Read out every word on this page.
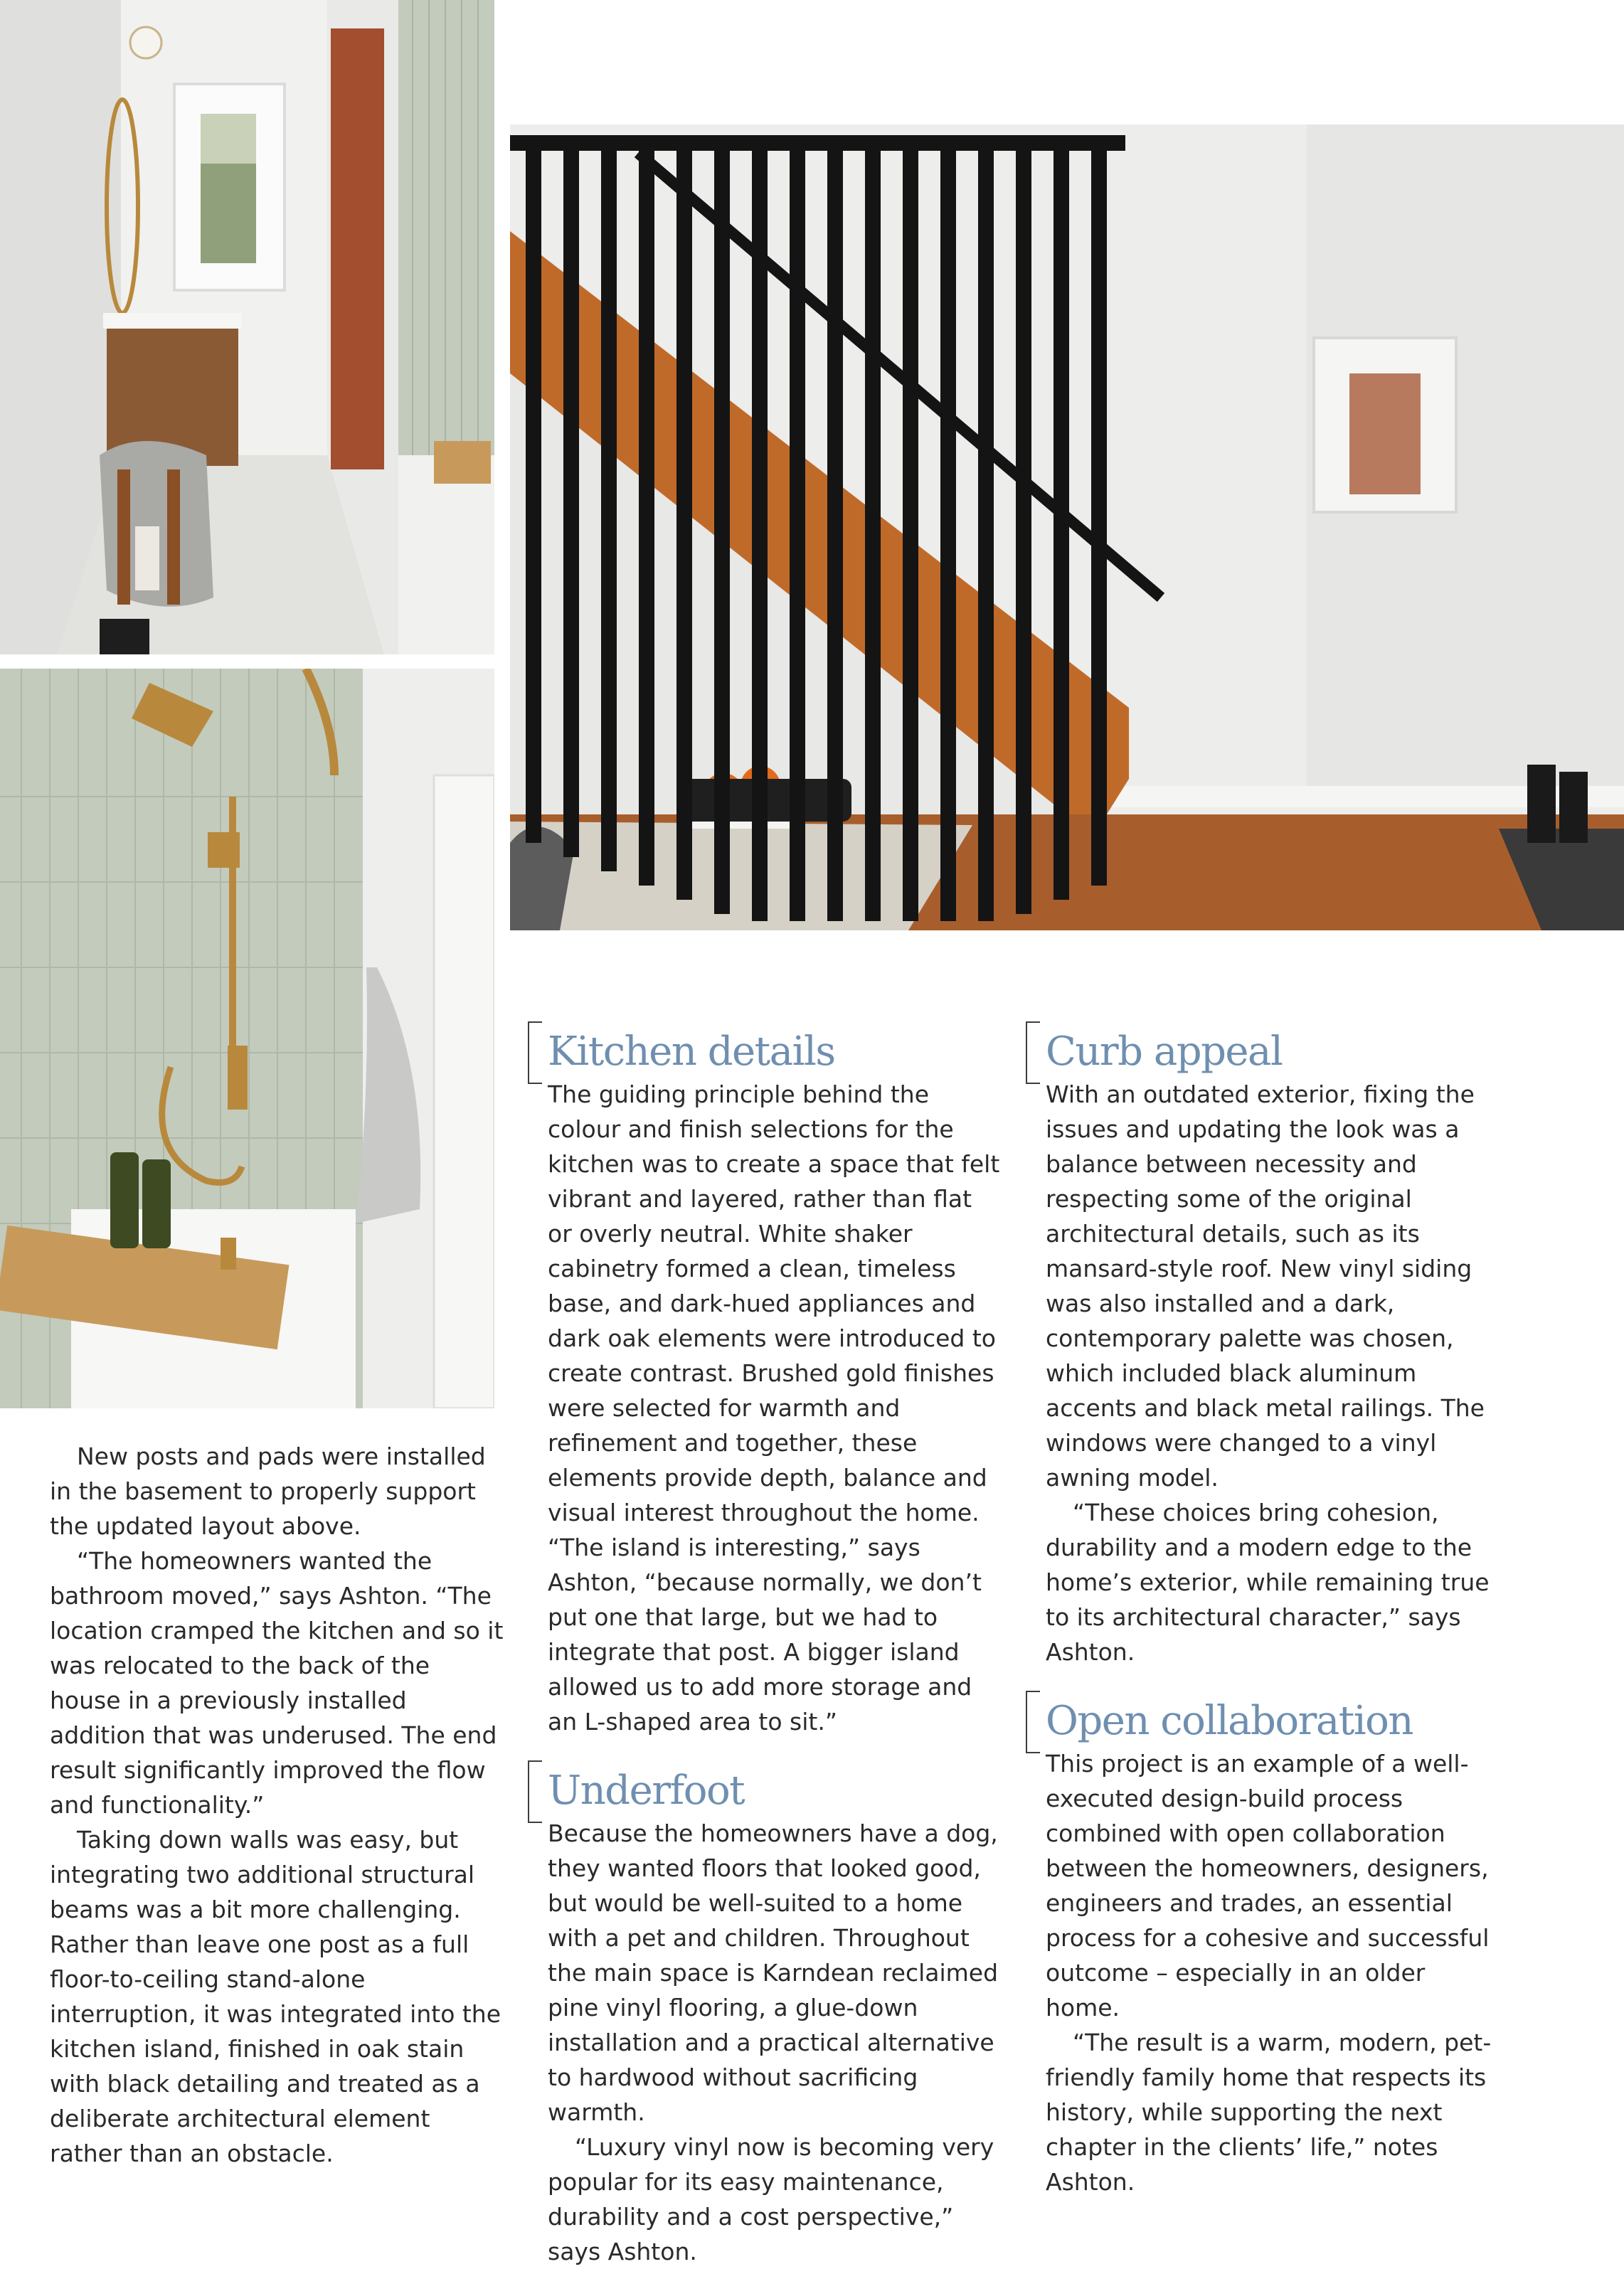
New posts and pads were installed in the basement to properly support the updated layout above.

“The homeowners wanted the bathroom moved,” says Ashton. “The location cramped the kitchen and so it was relocated to the back of the house in a previously installed addition that was underused. The end result significantly improved the flow and functionality.”

Taking down walls was easy, but integrating two additional structural beams was a bit more challenging. Rather than leave one post as a full floor-to-ceiling stand-alone interruption, it was integrated into the kitchen island, finished in oak stain with black detailing and treated as a deliberate architectural element rather than an obstacle.

Kitchen details

The guiding principle behind the colour and finish selections for the kitchen was to create a space that felt vibrant and layered, rather than flat or overly neutral. White shaker cabinetry formed a clean, timeless base, and dark-hued appliances and dark oak elements were introduced to create contrast. Brushed gold finishes were selected for warmth and refinement and together, these elements provide depth, balance and visual interest throughout the home. “The island is interesting,” says Ashton, “because normally, we don’t put one that large, but we had to integrate that post. A bigger island allowed us to add more storage and an L-shaped area to sit.”

Underfoot

Because the homeowners have a dog, they wanted floors that looked good, but would be well-suited to a home with a pet and children. Throughout the main space is Karndean reclaimed pine vinyl flooring, a glue-down installation and a practical alternative to hardwood without sacrificing warmth.

“Luxury vinyl now is becoming very popular for its easy maintenance, durability and a cost perspective,” says Ashton.

Curb appeal

With an outdated exterior, fixing the issues and updating the look was a balance between necessity and respecting some of the original architectural details, such as its mansard-style roof. New vinyl siding was also installed and a dark, contemporary palette was chosen, which included black aluminum accents and black metal railings. The windows were changed to a vinyl awning model.

“These choices bring cohesion, durability and a modern edge to the home’s exterior, while remaining true to its architectural character,” says Ashton.

Open collaboration

This project is an example of a well-executed design-build process combined with open collaboration between the homeowners, designers, engineers and trades, an essential process for a cohesive and successful outcome – especially in an older home.

“The result is a warm, modern, pet-friendly family home that respects its history, while supporting the next chapter in the clients’ life,” notes Ashton.
